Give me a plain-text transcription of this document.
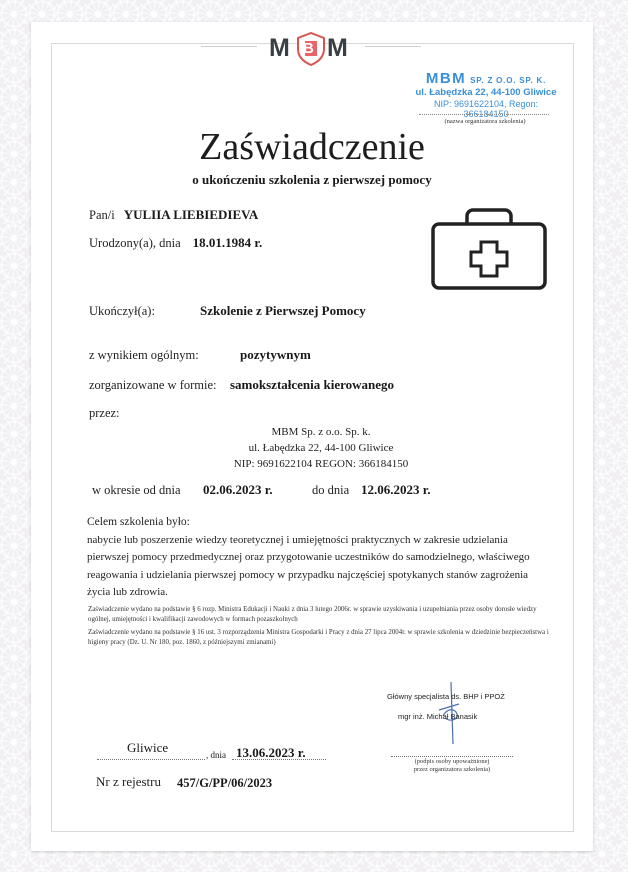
M B M
MBM SP. Z O.O. SP. K.
ul. Łabędzka 22, 44-100 Gliwice
NIP: 9691622104, Regon: 366184150
(nazwa organizatora szkolenia)
Zaświadczenie
o ukończeniu szkolenia z pierwszej pomocy
Pan/i YULIIA LIEBIEDIEVA
Urodzony(a), dnia 18.01.1984 r.
Ukończył(a):	Szkolenie z Pierwszej Pomocy
z wynikiem ogólnym:	pozytywnym
zorganizowane w formie: samokształcenia kierowanego
przez:
MBM Sp. z o.o. Sp. k.
ul. Łabędzka 22, 44-100 Gliwice
NIP: 9691622104 REGON: 366184150
w okresie od dnia 02.06.2023 r.	do dnia 12.06.2023 r.
Celem szkolenia było:
nabycie lub poszerzenie wiedzy teoretycznej i umiejętności praktycznych w zakresie udzielania pierwszej pomocy przedmedycznej oraz przygotowanie uczestników do samodzielnego, właściwego reagowania i udzielania pierwszej pomocy w przypadku najczęściej spotykanych stanów zagrożenia życia lub zdrowia.
Zaświadczenie wydano na podstawie § 6 rozp. Ministra Edukacji i Nauki z dnia 3 lutego 2006r. w sprawie uzyskiwania i uzupełniania przez osoby dorosłe wiedzy ogólnej, umiejętności i kwalifikacji zawodowych w formach pozaszkolnych
Zaświadczenie wydano na podstawie § 16 ust. 3 rozporządzenia Ministra Gospodarki i Pracy z dnia 27 lipca 2004r. w sprawie szkolenia w dziedzinie bezpieczeństwa i higieny pracy (Dz. U. Nr 180, poz. 1860, z późniejszymi zmianami)
Główny specjalista ds. BHP i PPOŻ
mgr inż. Michał Banasik
(podpis osoby upoważnionej
przez organizatora szkolenia)
Gliwice	, dnia 13.06.2023 r.
Nr z rejestru 457/G/PP/06/2023
